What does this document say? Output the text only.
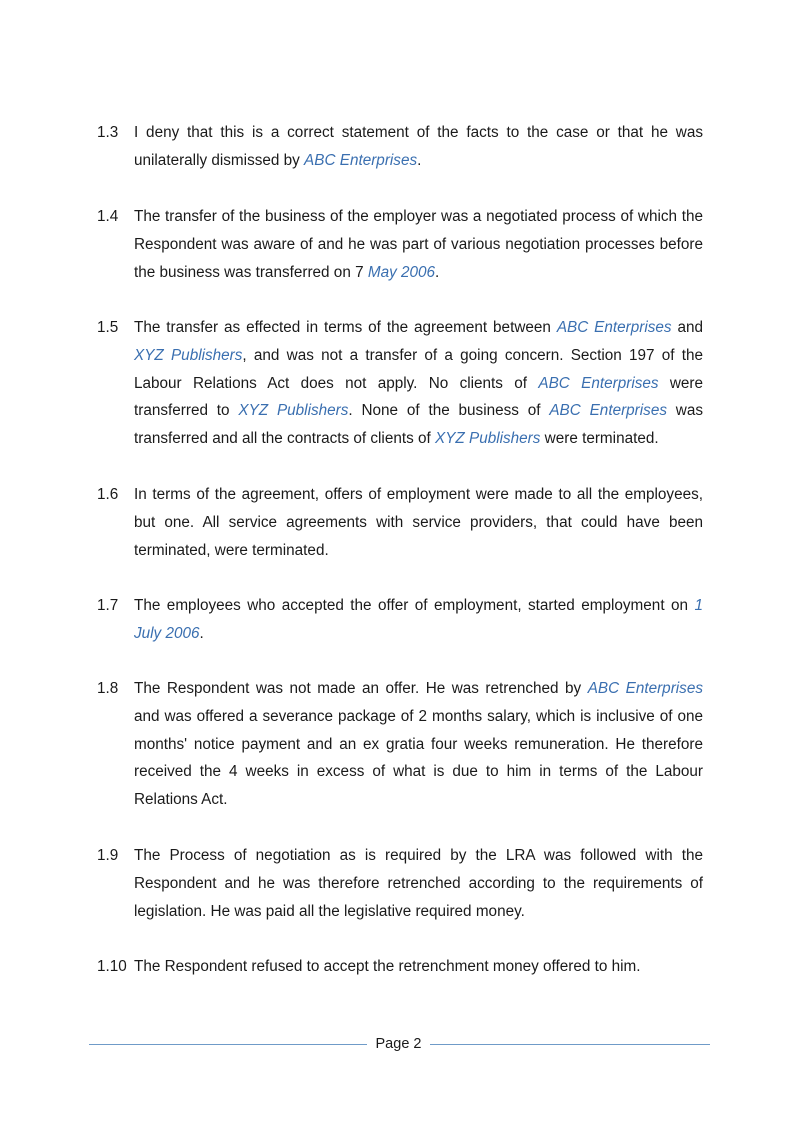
1.3	I deny that this is a correct statement of the facts to the case or that he was unilaterally dismissed by ABC Enterprises.
1.4	The transfer of the business of the employer was a negotiated process of which the Respondent was aware of and he was part of various negotiation processes before the business was transferred on 7 May 2006.
1.5	The transfer as effected in terms of the agreement between ABC Enterprises and XYZ Publishers, and was not a transfer of a going concern. Section 197 of the Labour Relations Act does not apply. No clients of ABC Enterprises were transferred to XYZ Publishers. None of the business of ABC Enterprises was transferred and all the contracts of clients of XYZ Publishers were terminated.
1.6	In terms of the agreement, offers of employment were made to all the employees, but one. All service agreements with service providers, that could have been terminated, were terminated.
1.7	The employees who accepted the offer of employment, started employment on 1 July 2006.
1.8	The Respondent was not made an offer. He was retrenched by ABC Enterprises and was offered a severance package of 2 months salary, which is inclusive of one months' notice payment and an ex gratia four weeks remuneration. He therefore received the 4 weeks in excess of what is due to him in terms of the Labour Relations Act.
1.9	The Process of negotiation as is required by the LRA was followed with the Respondent and he was therefore retrenched according to the requirements of legislation. He was paid all the legislative required money.
1.10 The Respondent refused to accept the retrenchment money offered to him.
Page 2
